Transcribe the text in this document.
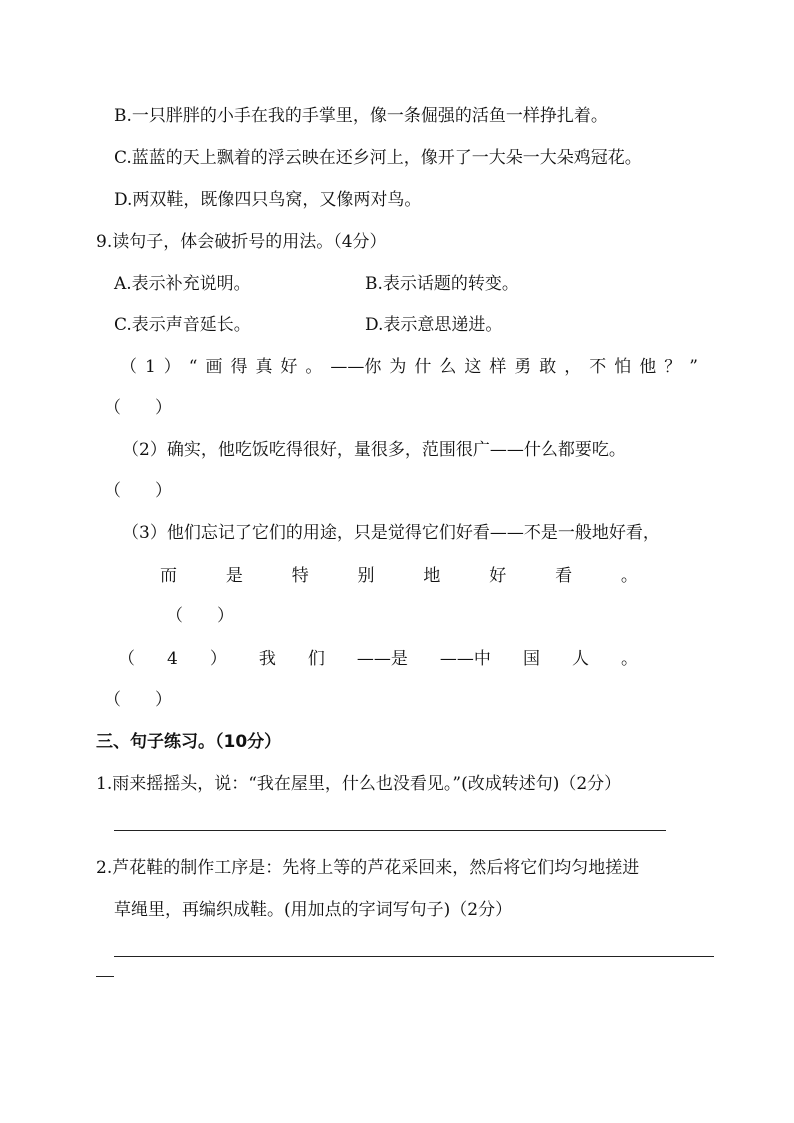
B.一只胖胖的小手在我的手掌里，像一条倔强的活鱼一样挣扎着。
C.蓝蓝的天上飘着的浮云映在还乡河上，像开了一大朵一大朵鸡冠花。
D.两双鞋，既像四只鸟窝，又像两对鸟。
9.读句子，体会破折号的用法。（4分）
A.表示补充说明。	B.表示话题的转变。
C.表示声音延长。	D.表示意思递进。
（ 1 ） “ 画 得 真 好 。 ——你 为 什 么 这 样 勇 敢 ， 不 怕 他 ？ ”
（　　）
（2）确实，他吃饭吃得很好，量很多，范围很广——什么都要吃。
（　　）
（3）他们忘记了它们的用途，只是觉得它们好看——不是一般地好看，
而	是	特	别	地	好	看	。
（　　）
（ 4 ） 我 们 ——是 ——中 国 人 。
（　　）
三、句子练习。（10分）
1.雨来摇摇头，说：“我在屋里，什么也没看见。”(改成转述句)（2分）
2.芦花鞋的制作工序是：先将上等的芦花采回来，然后将它们均匀地搓进
草绳里，再编织成鞋。(用加点的字词写句子)（2分）
